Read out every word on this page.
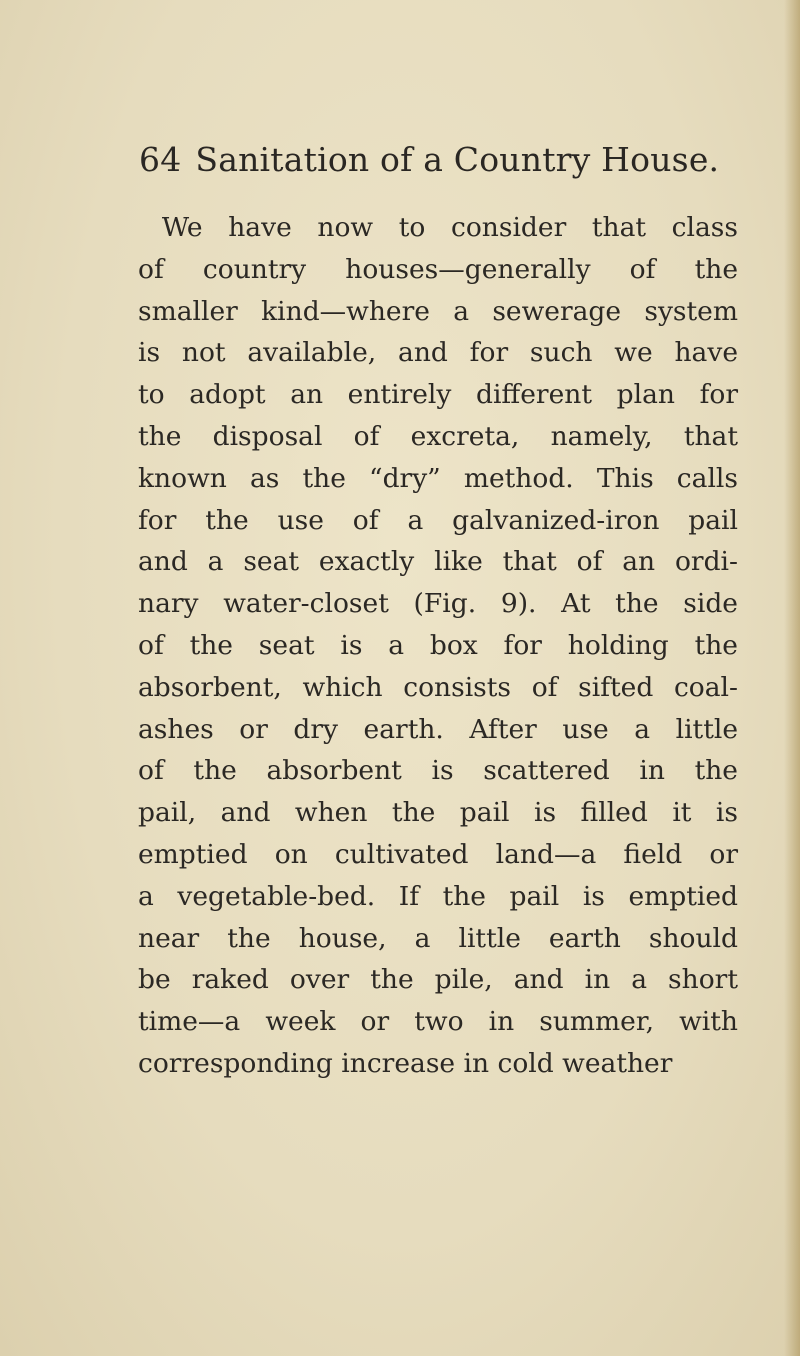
64 Sanitation of a Country House.

We have now to consider that class
of country houses—generally of the
smaller kind—where a sewerage system
is not available, and for such we have
to adopt an entirely different plan for
the disposal of excreta, namely, that
known as the “dry” method. This calls
for the use of a galvanized-iron pail
and a seat exactly like that of an ordi-
nary water-closet (Fig. 9). At the side
of the seat is a box for holding the
absorbent, which consists of sifted coal-
ashes or dry earth. After use a little
of the absorbent is scattered in the
pail, and when the pail is filled it is
emptied on cultivated land—a field or
a vegetable-bed. If the pail is emptied
near the house, a little earth should
be raked over the pile, and in a short
time—a week or two in summer, with
corresponding increase in cold weather
